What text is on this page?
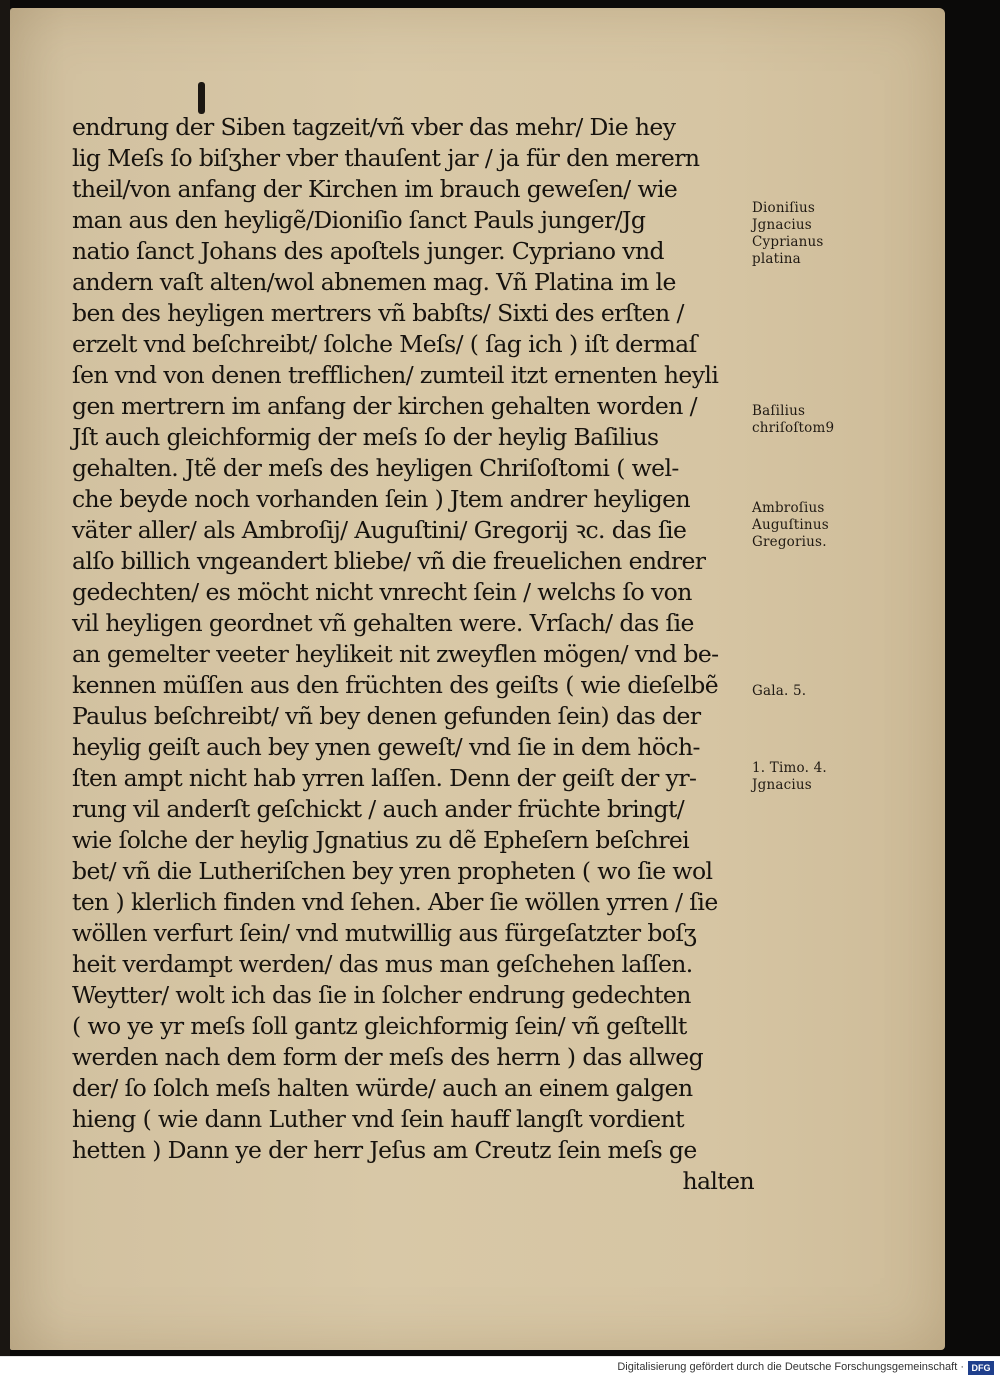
endrung der Siben tagzeit/vñ vber das mehr/ Die hey
lig Meſs ſo biſʒher vber thauſent jar / ja für den merern
theil/von anfang der Kirchen im brauch geweſen/ wie
man aus den heyligẽ/Dioniſio ſanct Pauls junger/Jg
natio ſanct Johans des apoſtels junger. Cypriano vnd
andern vaſt alten/wol abnemen mag. Vñ Platina im le
ben des heyligen mertrers vñ babſts/ Sixti des erſten /
erzelt vnd beſchreibt/ ſolche Meſs/ ( ſag ich ) iſt dermaſ
ſen vnd von denen trefflichen/ zumteil itzt ernenten heyli
gen mertrern im anfang der kirchen gehalten worden /
Jſt auch gleichformig der meſs ſo der heylig Baſilius
gehalten. Jtẽ der meſs des heyligen Chriſoſtomi ( wel-
che beyde noch vorhanden ſein ) Jtem andrer heyligen
väter aller/ als Ambroſij/ Auguſtini/ Gregorij ꝛc. das ſie
alſo billich vngeandert bliebe/ vñ die freuelichen endrer
gedechten/ es möcht nicht vnrecht ſein / welchs ſo von
vil heyligen geordnet vñ gehalten were. Vrſach/ das ſie
an gemelter veeter heylikeit nit zweyflen mögen/ vnd be-
kennen müſſen aus den früchten des geiſts ( wie dieſelbẽ
Paulus beſchreibt/ vñ bey denen gefunden ſein) das der
heylig geiſt auch bey ynen geweſt/ vnd ſie in dem höch-
ſten ampt nicht hab yrren laſſen. Denn der geiſt der yr-
rung vil anderſt geſchickt / auch ander früchte bringt/
wie ſolche der heylig Jgnatius zu dẽ Epheſern beſchrei
bet/ vñ die Lutheriſchen bey yren propheten ( wo ſie wol
ten ) klerlich finden vnd ſehen. Aber ſie wöllen yrren / ſie
wöllen verfurt ſein/ vnd mutwillig aus fürgeſatzter boſʒ
heit verdampt werden/ das mus man geſchehen laſſen.
Weytter/ wolt ich das ſie in ſolcher endrung gedechten
( wo ye yr meſs ſoll gantz gleichformig ſein/ vñ geſtellt
werden nach dem form der meſs des herrn ) das allweg
der/ ſo ſolch meſs halten würde/ auch an einem galgen
hieng ( wie dann Luther vnd ſein hauff langſt vordient
hetten ) Dann ye der herr Jeſus am Creutz ſein meſs ge
halten
Dioniſius
Jgnacius
Cyprianus
platina
Baſilius
chriſoſtom9
Ambroſius
Auguſtinus
Gregorius.
Gala. 5.
1. Timo. 4.
Jgnacius
Digitalisierung gefördert durch die Deutsche Forschungsgemeinschaft · DFG
